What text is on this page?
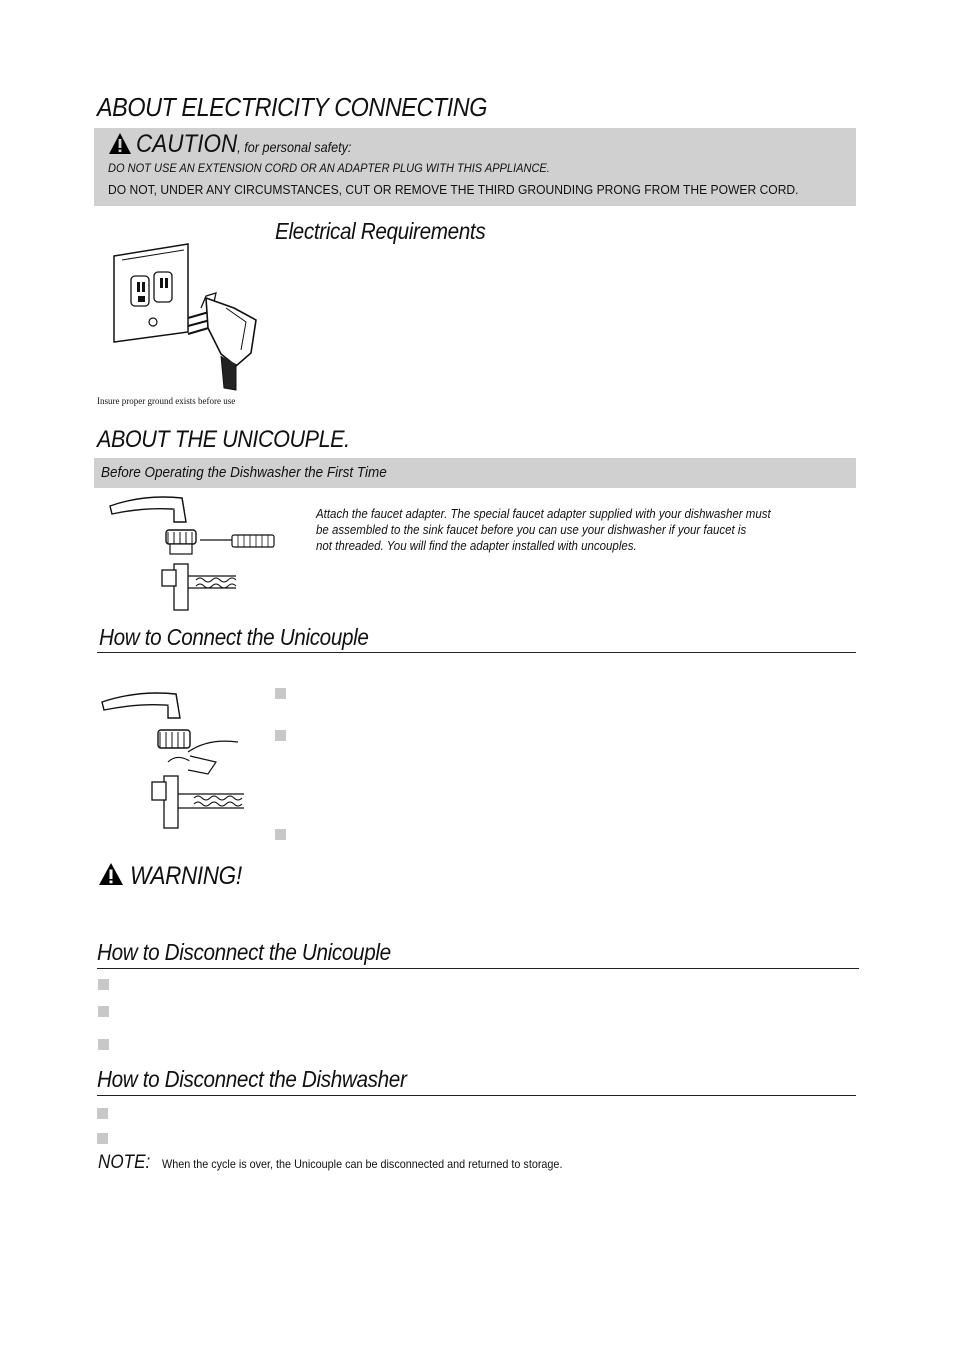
ABOUT ELECTRICITY CONNECTING
CAUTION, for personal safety:
DO NOT USE AN EXTENSION CORD OR AN ADAPTER PLUG WITH THIS APPLIANCE.
DO NOT, UNDER ANY CIRCUMSTANCES, CUT OR REMOVE THE THIRD GROUNDING PRONG FROM THE POWER CORD.
Electrical Requirements
Insure proper ground exists before use
ABOUT THE UNICOUPLE.
Before Operating the Dishwasher the First Time
Attach the faucet adapter. The special faucet adapter supplied with your dishwasher must
be assembled to the sink faucet before you can use your dishwasher if your faucet is
not threaded. You will find the adapter installed with uncouples.
How to Connect the Unicouple
WARNING!
How to Disconnect the Unicouple
How to Disconnect the Dishwasher
NOTE: When the cycle is over, the Unicouple can be disconnected and returned to storage.
